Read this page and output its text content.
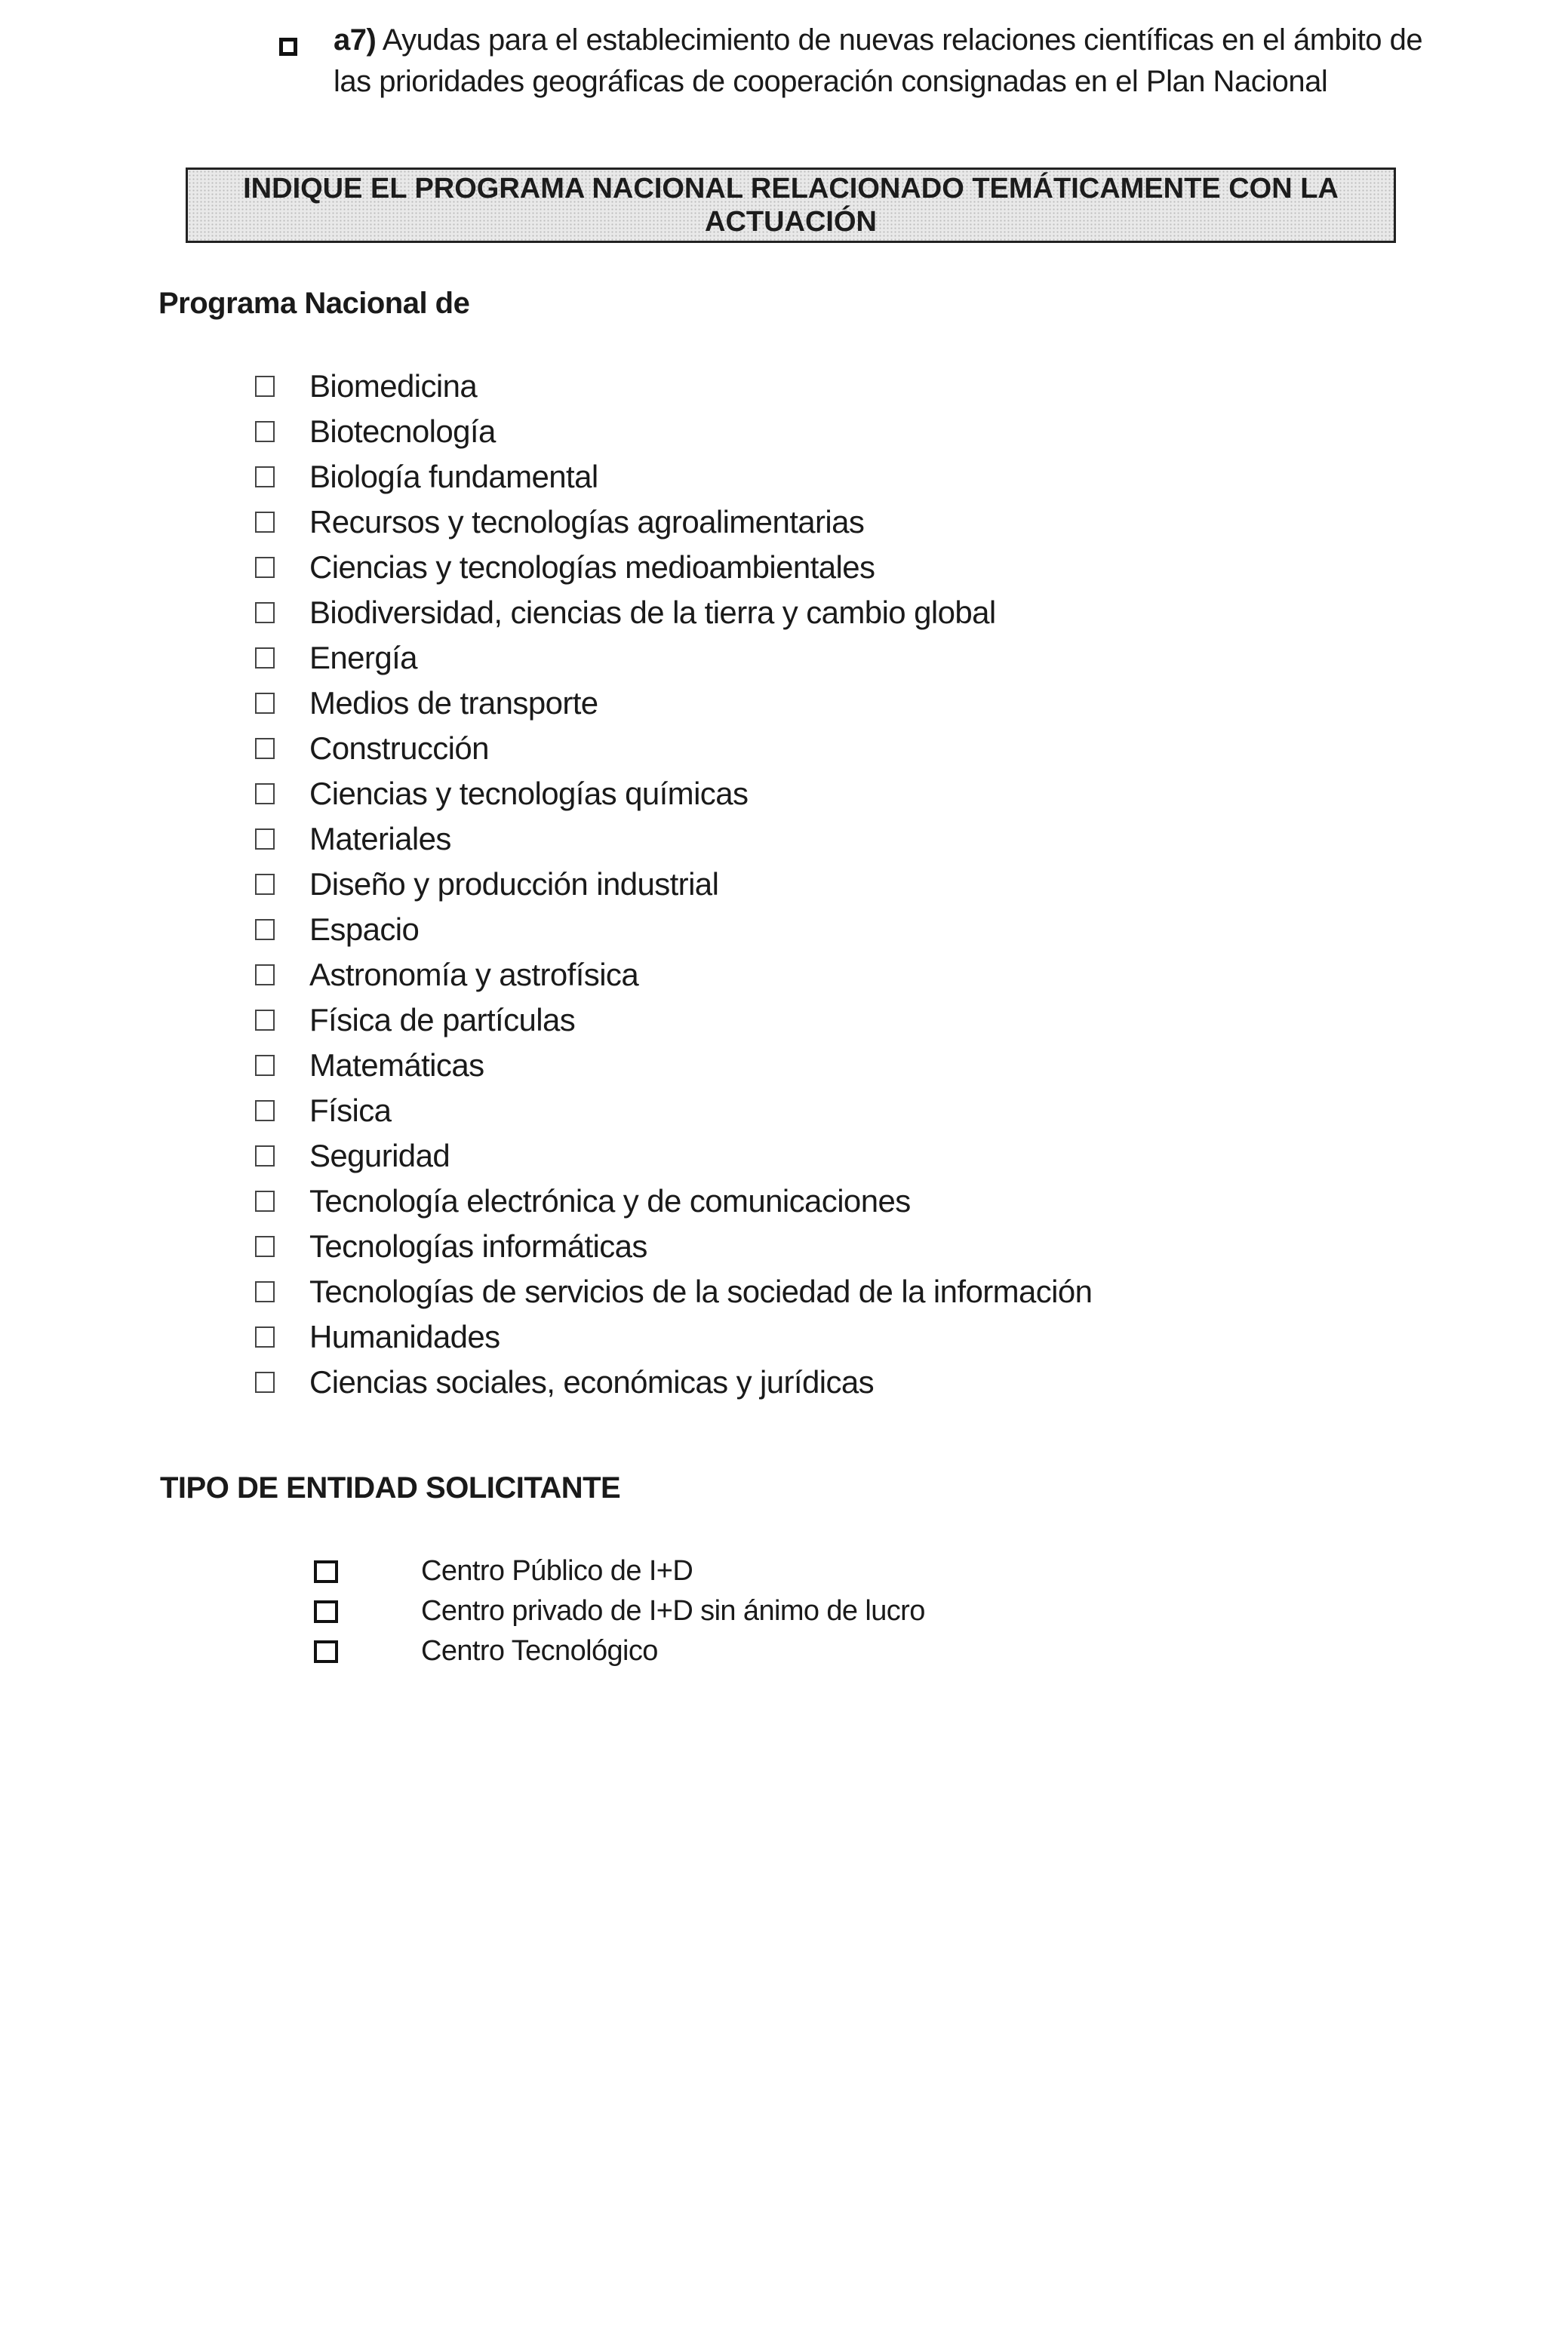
a7) Ayudas para el establecimiento de nuevas relaciones científicas en el ámbito de las prioridades geográficas de cooperación consignadas en el Plan Nacional
INDIQUE EL PROGRAMA NACIONAL RELACIONADO TEMÁTICAMENTE CON LA ACTUACIÓN
Programa Nacional de
Biomedicina
Biotecnología
Biología fundamental
Recursos y tecnologías agroalimentarias
Ciencias y tecnologías medioambientales
Biodiversidad, ciencias de la tierra y cambio global
Energía
Medios de transporte
Construcción
Ciencias y tecnologías químicas
Materiales
Diseño y producción industrial
Espacio
Astronomía y astrofísica
Física de partículas
Matemáticas
Física
Seguridad
Tecnología electrónica y de comunicaciones
Tecnologías informáticas
Tecnologías de servicios de la sociedad de la información
Humanidades
Ciencias sociales, económicas y jurídicas
TIPO DE ENTIDAD SOLICITANTE
Centro Público de I+D
Centro privado de I+D sin ánimo de lucro
Centro Tecnológico
